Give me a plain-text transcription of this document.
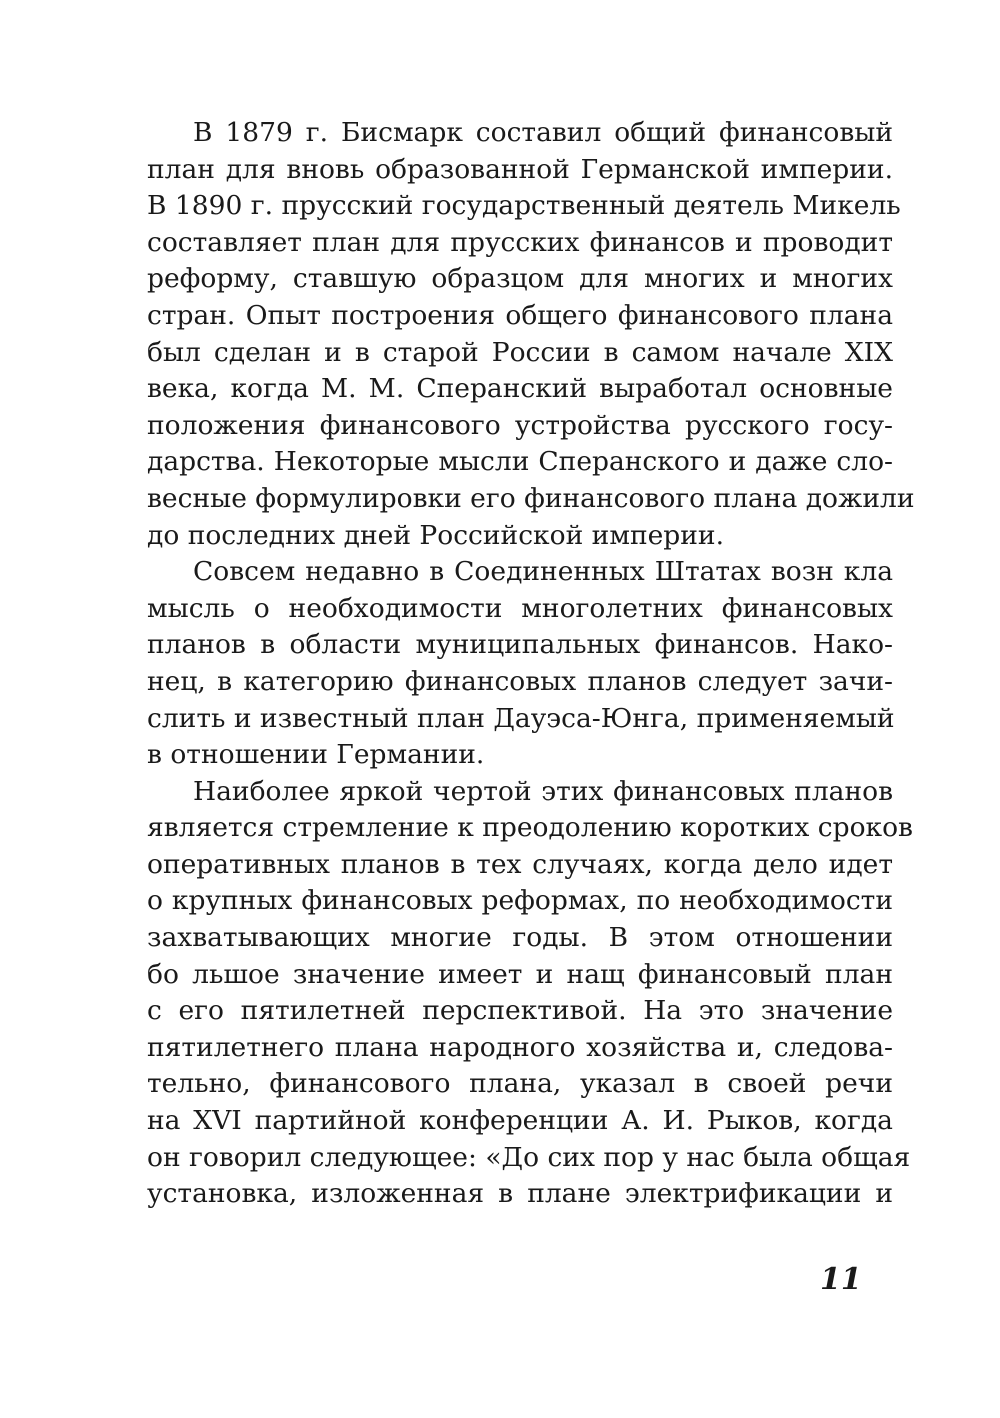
В 1879 г. Бисмарк составил общий финансовый
план для вновь образованной Германской империи.
В 1890 г. прусский государственный деятель Микель
составляет план для прусских финансов и проводит
реформу, ставшую образцом для многих и многих
стран. Опыт построения общего финансового плана
был сделан и в старой России в самом начале XIX
века, когда М. М. Сперанский выработал основные
положения финансового устройства русского госу-
дарства. Некоторые мысли Сперанского и даже сло-
весные формулировки его финансового плана дожили
до последних дней Российской империи.
Совсем недавно в Соединенных Штатах возн кла
мысль о необходимости многолетних финансовых
планов в области муниципальных финансов. Нако-
нец, в категорию финансовых планов следует зачи-
слить и известный план Дауэса-Юнга, применяемый
в отношении Германии.
Наиболее яркой чертой этих финансовых планов
является стремление к преодолению коротких сроков
оперативных планов в тех случаях, когда дело идет
о крупных финансовых реформах, по необходимости
захватывающих многие годы. В этом отношении
бо льшое значение имеет и нащ финансовый план
с его пятилетней перспективой. На это значение
пятилетнего плана народного хозяйства и, следова-
тельно, финансового плана, указал в своей речи
на XVI партийной конференции А. И. Рыков, когда
он говорил следующее: «До сих пор у нас была общая
установка, изложенная в плане электрификации и
11
